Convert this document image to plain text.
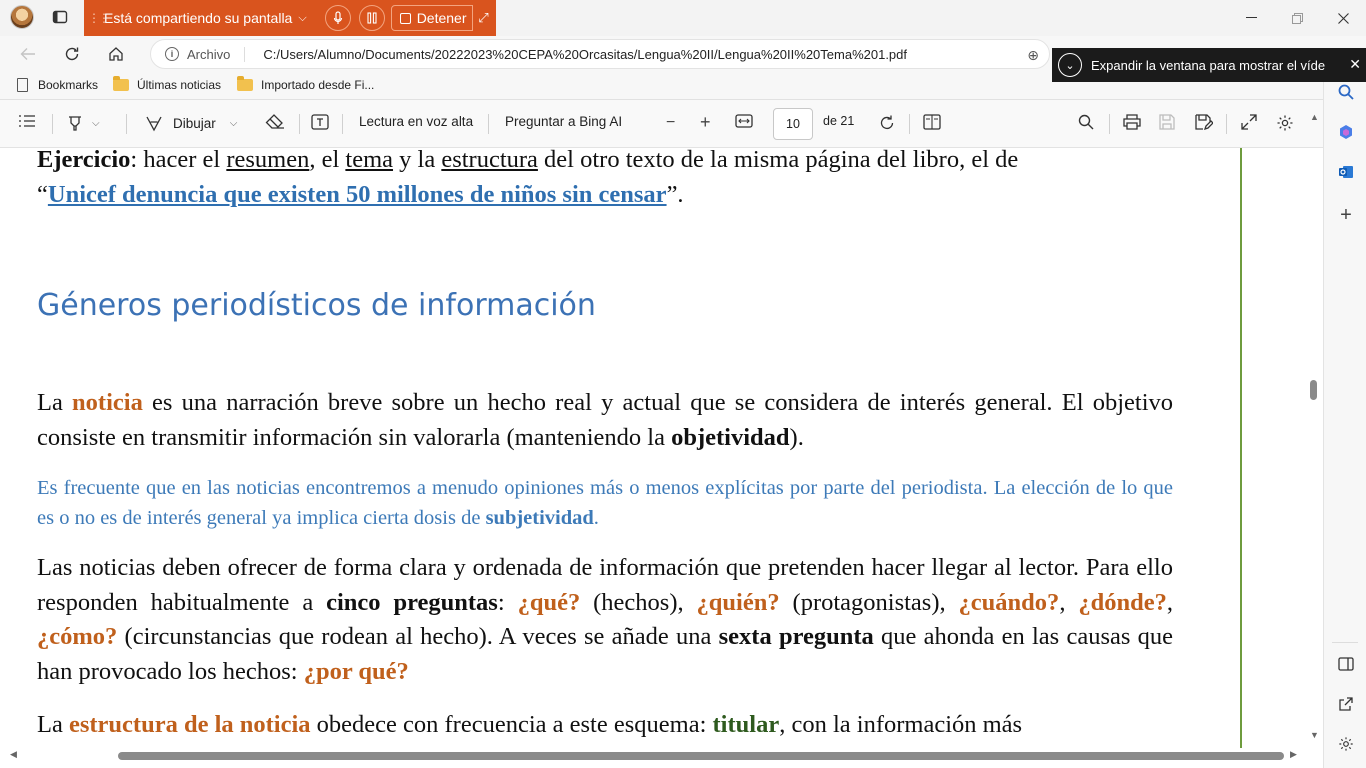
⋮⋮
Está compartiendo su pantalla ⌵	Detener ⤢
i	Archivo	C:/Users/Alumno/Documents/20222023%20CEPA%20Orcasitas/Lengua%20II/Lengua%20II%20Tema%201.pdf	⊕
⌄	Expandir la ventana para mostrar el víde	✕
Bookmarks	Últimas noticias	Importado desde Fi...
⌵	Dibujar ⌵	Lectura en voz alta Preguntar a Bing AI	− +	10	de 21
+
Ejercicio: hacer el resumen, el tema y la estructura del otro texto de la misma página del libro, el de
“Unicef denuncia que existen 50 millones de niños sin censar”.
Géneros periodísticos de información
La noticia es una narración breve sobre un hecho real y actual que se considera de interés general. El objetivo consiste en transmitir información sin valorarla (manteniendo la objetividad).
Es frecuente que en las noticias encontremos a menudo opiniones más o menos explícitas por parte del periodista. La elección de lo que es o no es de interés general ya implica cierta dosis de subjetividad.
Las noticias deben ofrecer de forma clara y ordenada de información que pretenden hacer llegar al lector. Para ello responden habitualmente a cinco preguntas: ¿qué? (hechos), ¿quién? (protagonistas), ¿cuándo?, ¿dónde?, ¿cómo? (circunstancias que rodean al hecho). A veces se añade una sexta pregunta que ahonda en las causas que han provocado los hechos: ¿por qué?
La estructura de la noticia obedece con frecuencia a este esquema: titular, con la información más
▲
▼
◀	▶
